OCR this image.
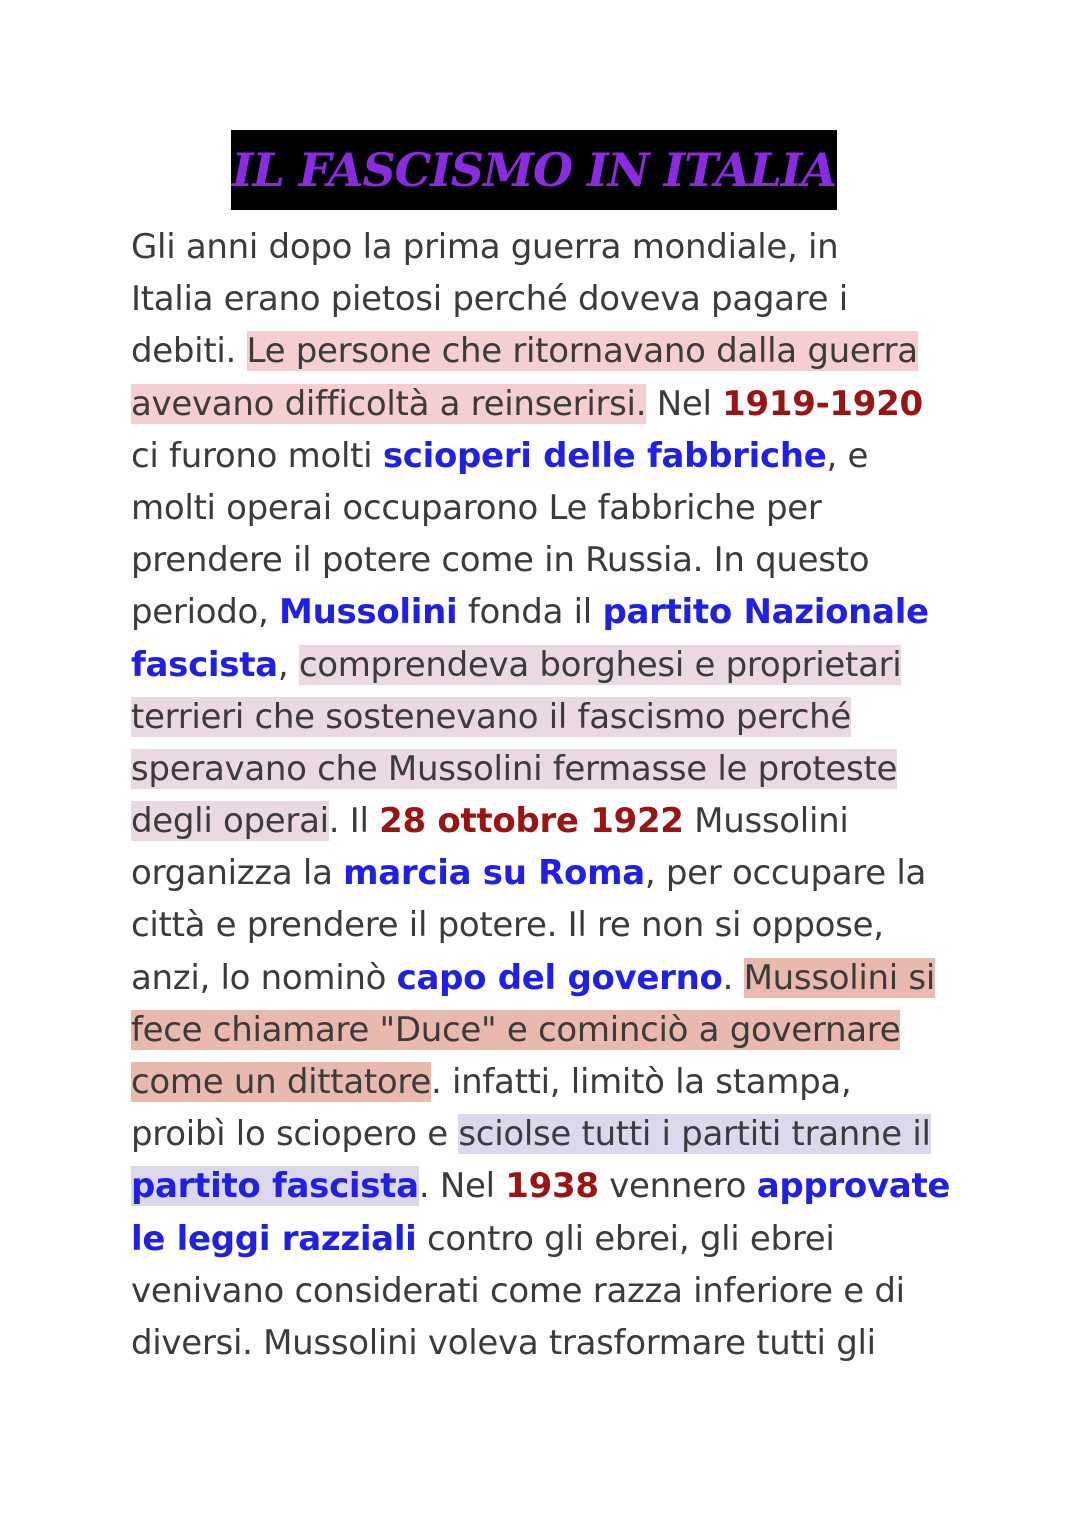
IL FASCISMO IN ITALIA
Gli anni dopo la prima guerra mondiale, in
Italia erano pietosi perché doveva pagare i
debiti. Le persone che ritornavano dalla guerra
avevano difficoltà a reinserirsi. Nel 1919-1920
ci furono molti scioperi delle fabbriche, e
molti operai occuparono Le fabbriche per
prendere il potere come in Russia. In questo
periodo, Mussolini fonda il partito Nazionale
fascista, comprendeva borghesi e proprietari
terrieri che sostenevano il fascismo perché
speravano che Mussolini fermasse le proteste
degli operai. Il 28 ottobre 1922 Mussolini
organizza la marcia su Roma, per occupare la
città e prendere il potere. Il re non si oppose,
anzi, lo nominò capo del governo. Mussolini si
fece chiamare "Duce" e cominciò a governare
come un dittatore. infatti, limitò la stampa,
proibì lo sciopero e sciolse tutti i partiti tranne il
partito fascista. Nel 1938 vennero approvate
le leggi razziali contro gli ebrei, gli ebrei
venivano considerati come razza inferiore e di
diversi. Mussolini voleva trasformare tutti gli
